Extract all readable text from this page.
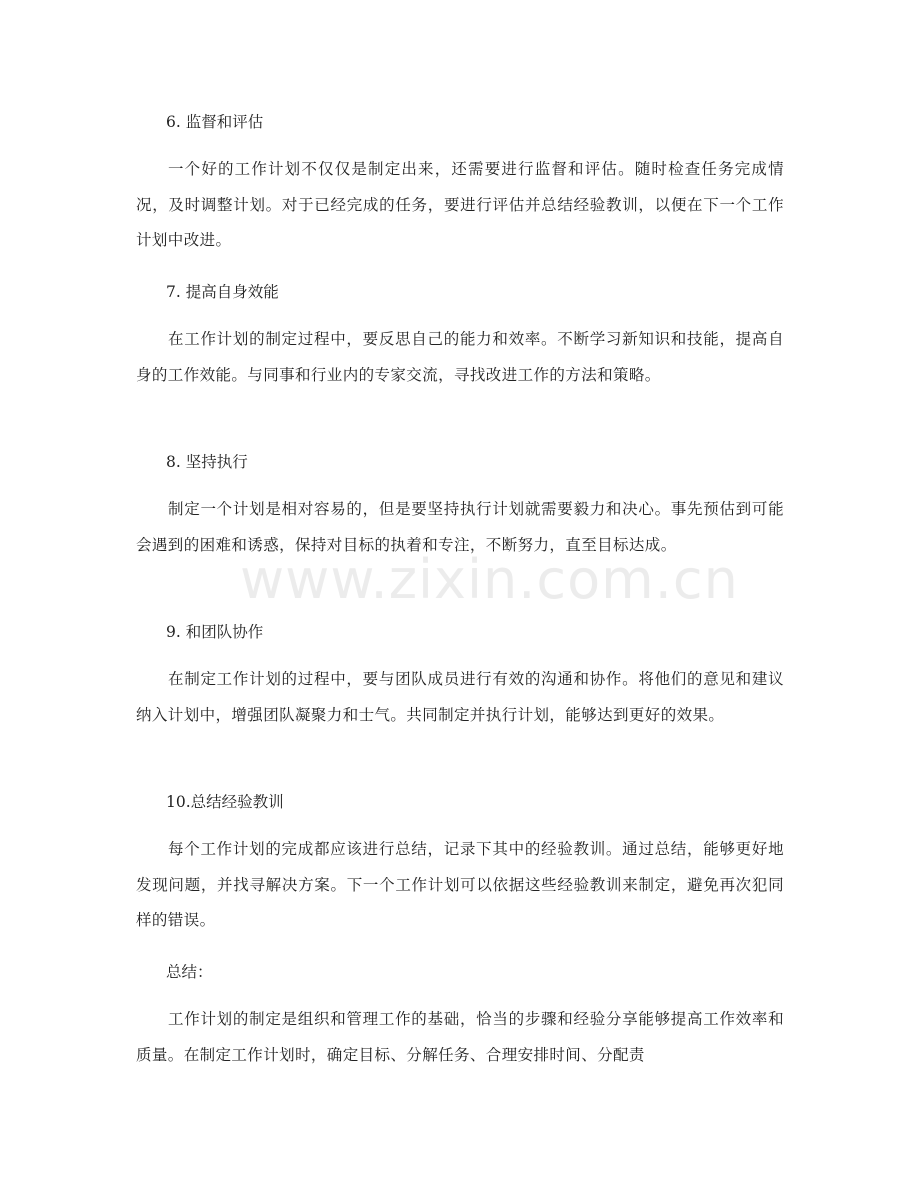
6. 监督和评估

一个好的工作计划不仅仅是制定出来，还需要进行监督和评估。随时检查任务完成情况，及时调整计划。对于已经完成的任务，要进行评估并总结经验教训，以便在下一个工作计划中改进。

7. 提高自身效能

在工作计划的制定过程中，要反思自己的能力和效率。不断学习新知识和技能，提高自身的工作效能。与同事和行业内的专家交流，寻找改进工作的方法和策略。

8. 坚持执行

制定一个计划是相对容易的，但是要坚持执行计划就需要毅力和决心。事先预估到可能会遇到的困难和诱惑，保持对目标的执着和专注，不断努力，直至目标达成。

9. 和团队协作

在制定工作计划的过程中，要与团队成员进行有效的沟通和协作。将他们的意见和建议纳入计划中，增强团队凝聚力和士气。共同制定并执行计划，能够达到更好的效果。

10.总结经验教训

每个工作计划的完成都应该进行总结，记录下其中的经验教训。通过总结，能够更好地发现问题，并找寻解决方案。下一个工作计划可以依据这些经验教训来制定，避免再次犯同样的错误。

总结：

工作计划的制定是组织和管理工作的基础，恰当的步骤和经验分享能够提高工作效率和质量。在制定工作计划时，确定目标、分解任务、合理安排时间、分配责

www.zixin.com.cn
